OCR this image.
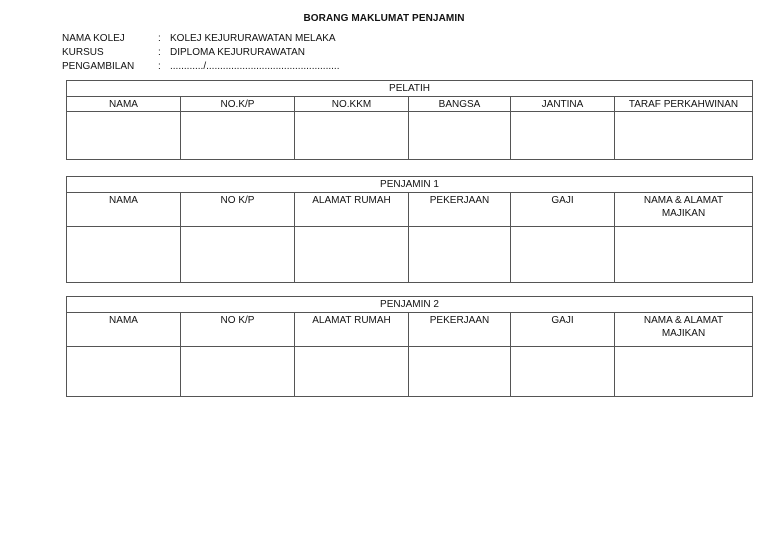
BORANG MAKLUMAT PENJAMIN
NAMA KOLEJ	: KOLEJ KEJURURAWATAN MELAKA
KURSUS	: DIPLOMA KEJURURAWATAN
PENGAMBILAN : ............/................................................
PELATIH					
NAMA	NO.K/P	NO.KKM	BANGSA	JANTINA	TARAF PERKAHWINAN

PENJAMIN 1					
NAMA	NO K/P	ALAMAT RUMAH	PEKERJAAN	GAJI	NAMA & ALAMAT MAJIKAN

PENJAMIN 2					
NAMA	NO K/P	ALAMAT RUMAH	PEKERJAAN	GAJI	NAMA & ALAMAT MAJIKAN
